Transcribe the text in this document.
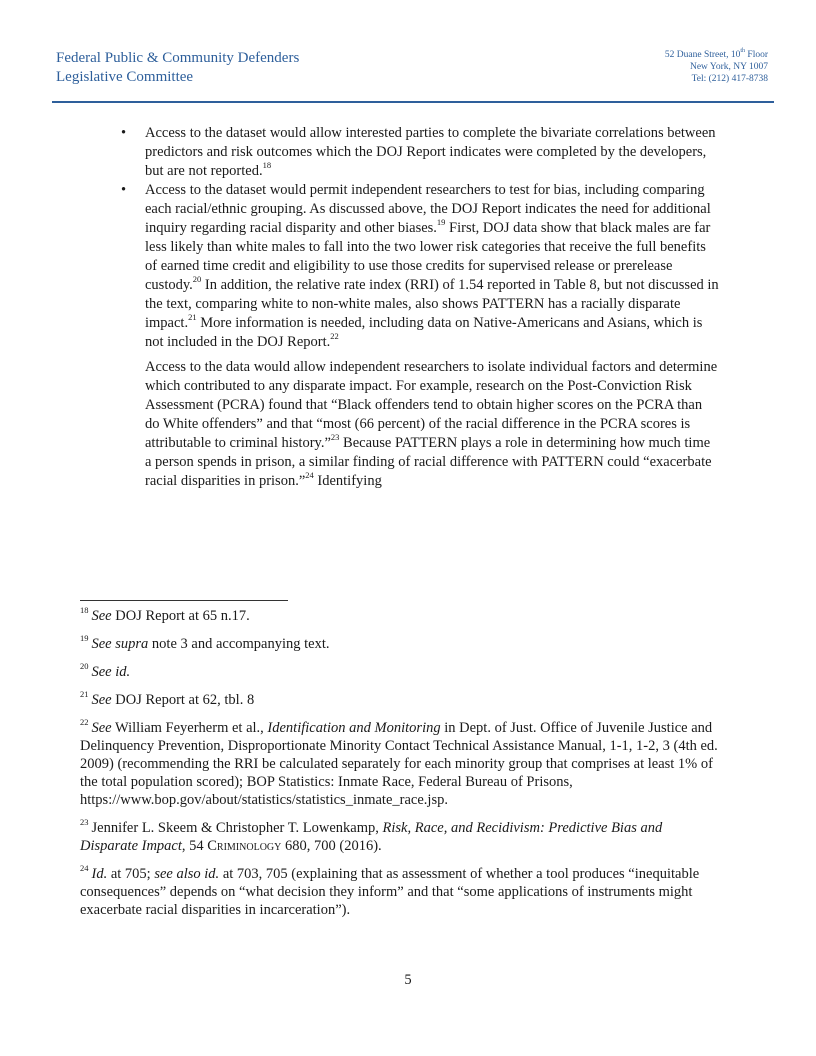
Federal Public & Community Defenders
Legislative Committee
52 Duane Street, 10th Floor
New York, NY 1007
Tel: (212) 417-8738
• Access to the dataset would allow interested parties to complete the bivariate correlations between predictors and risk outcomes which the DOJ Report indicates were completed by the developers, but are not reported.$^{18}$
• Access to the dataset would permit independent researchers to test for bias, including comparing each racial/ethnic grouping. As discussed above, the DOJ Report indicates the need for additional inquiry regarding racial disparity and other biases.$^{19}$ First, DOJ data show that black males are far less likely than white males to fall into the two lower risk categories that receive the full benefits of earned time credit and eligibility to use those credits for supervised release or prerelease custody.$^{20}$ In addition, the relative rate index (RRI) of 1.54 reported in Table 8, but not discussed in the text, comparing white to non-white males, also shows PATTERN has a racially disparate impact.$^{21}$ More information is needed, including data on Native-Americans and Asians, which is not included in the DOJ Report.$^{22}$

Access to the data would allow independent researchers to isolate individual factors and determine which contributed to any disparate impact. For example, research on the Post-Conviction Risk Assessment (PCRA) found that “Black offenders tend to obtain higher scores on the PCRA than do White offenders” and that “most (66 percent) of the racial difference in the PCRA scores is attributable to criminal history.”$^{23}$ Because PATTERN plays a role in determining how much time a person spends in prison, a similar finding of racial difference with PATTERN could “exacerbate racial disparities in prison.”$^{24}$ Identifying

$^{18}$ See DOJ Report at 65 n.17.

$^{19}$ See supra note 3 and accompanying text.

$^{20}$ See id.

$^{21}$ See DOJ Report at 62, tbl. 8

$^{22}$ See William Feyerherm et al., Identification and Monitoring in Dept. of Just. Office of Juvenile Justice and Delinquency Prevention, Disproportionate Minority Contact Technical Assistance Manual, 1-1, 1-2, 3 (4th ed. 2009) (recommending the RRI be calculated separately for each minority group that comprises at least 1% of the total population scored); BOP Statistics: Inmate Race, Federal Bureau of Prisons, https://www.bop.gov/about/statistics/statistics_inmate_race.jsp.

$^{23}$ Jennifer L. Skeem & Christopher T. Lowenkamp, Risk, Race, and Recidivism: Predictive Bias and Disparate Impact, 54 Criminology 680, 700 (2016).

$^{24}$ Id. at 705; see also id. at 703, 705 (explaining that as assessment of whether a tool produces “inequitable consequences” depends on “what decision they inform” and that “some applications of instruments might exacerbate racial disparities in incarceration”).

5
